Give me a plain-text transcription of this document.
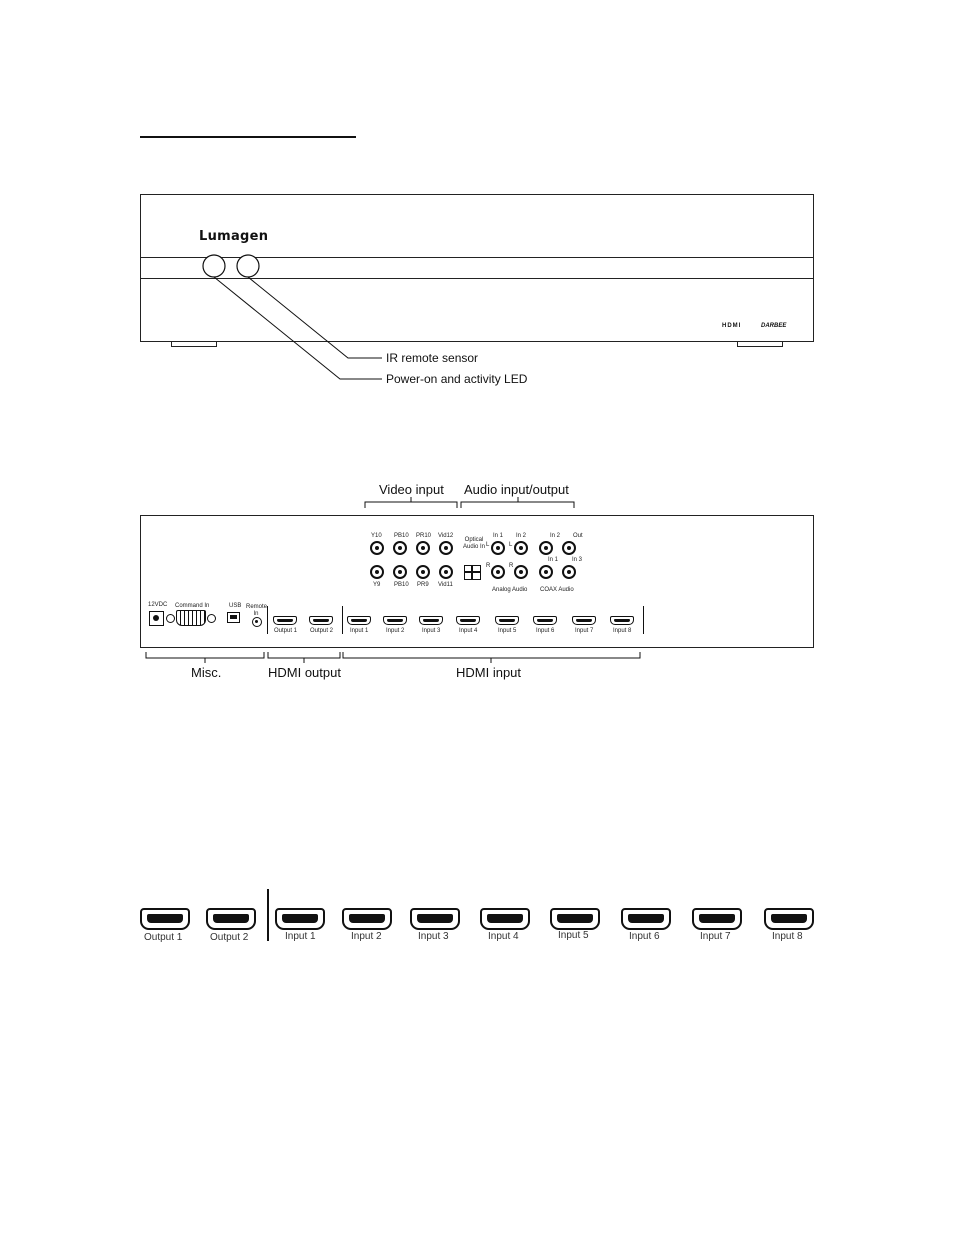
Lumagen
HDMI	DARBEE
IR remote sensor
Power-on and activity LED
Video input Audio input/output
Y10 PB10 PR10 Vid12
Y9 PB10 PR9 Vid11
Optical Audio In
In 1 In 2	In 2 Out
L	L
R	R
In 1 In 3
Analog Audio COAX Audio
12VDC Command In	USB Remote In
Output 1 Output 2	Input 1	Input 2	Input 3	Input 4	Input 5	Input 6	Input 7	Input 8
Misc.	HDMI output	HDMI input
Output 1	Output 2	Input 1	Input 2	Input 3	Input 4	Input 5	Input 6	Input 7	Input 8
